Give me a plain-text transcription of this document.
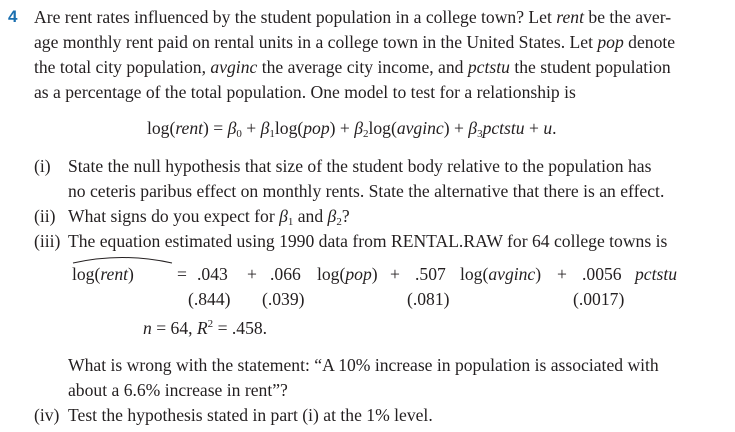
4 Are rent rates influenced by the student population in a college town? Let rent be the aver-
age monthly rent paid on rental units in a college town in the United States. Let pop denote
the total city population, avginc the average city income, and pctstu the student population
as a percentage of the total population. One model to test for a relationship is
log(rent) = $\beta_0 + \beta_1\log(pop)$ + $\beta_2\log(avginc)$ + $\beta_3pctstu + u$.
(i) State the null hypothesis that size of the student body relative to the population has
no ceteris paribus effect on monthly rents. State the alternative that there is an effect.
(ii) What signs do you expect for $\beta_1$ and $\beta_2$?
(iii) The equation estimated using 1990 data from RENTAL.RAW for 64 college towns is
log(rent) = .043 + .066 log(pop) + .507 log(avginc) + .0056 pctstu
(.844) (.039)	(.081)	(.0017)
n = 64, $R^2 = .458$.
What is wrong with the statement: “A 10% increase in population is associated with
about a 6.6% increase in rent”?
(iv) Test the hypothesis stated in part (i) at the 1% level.
